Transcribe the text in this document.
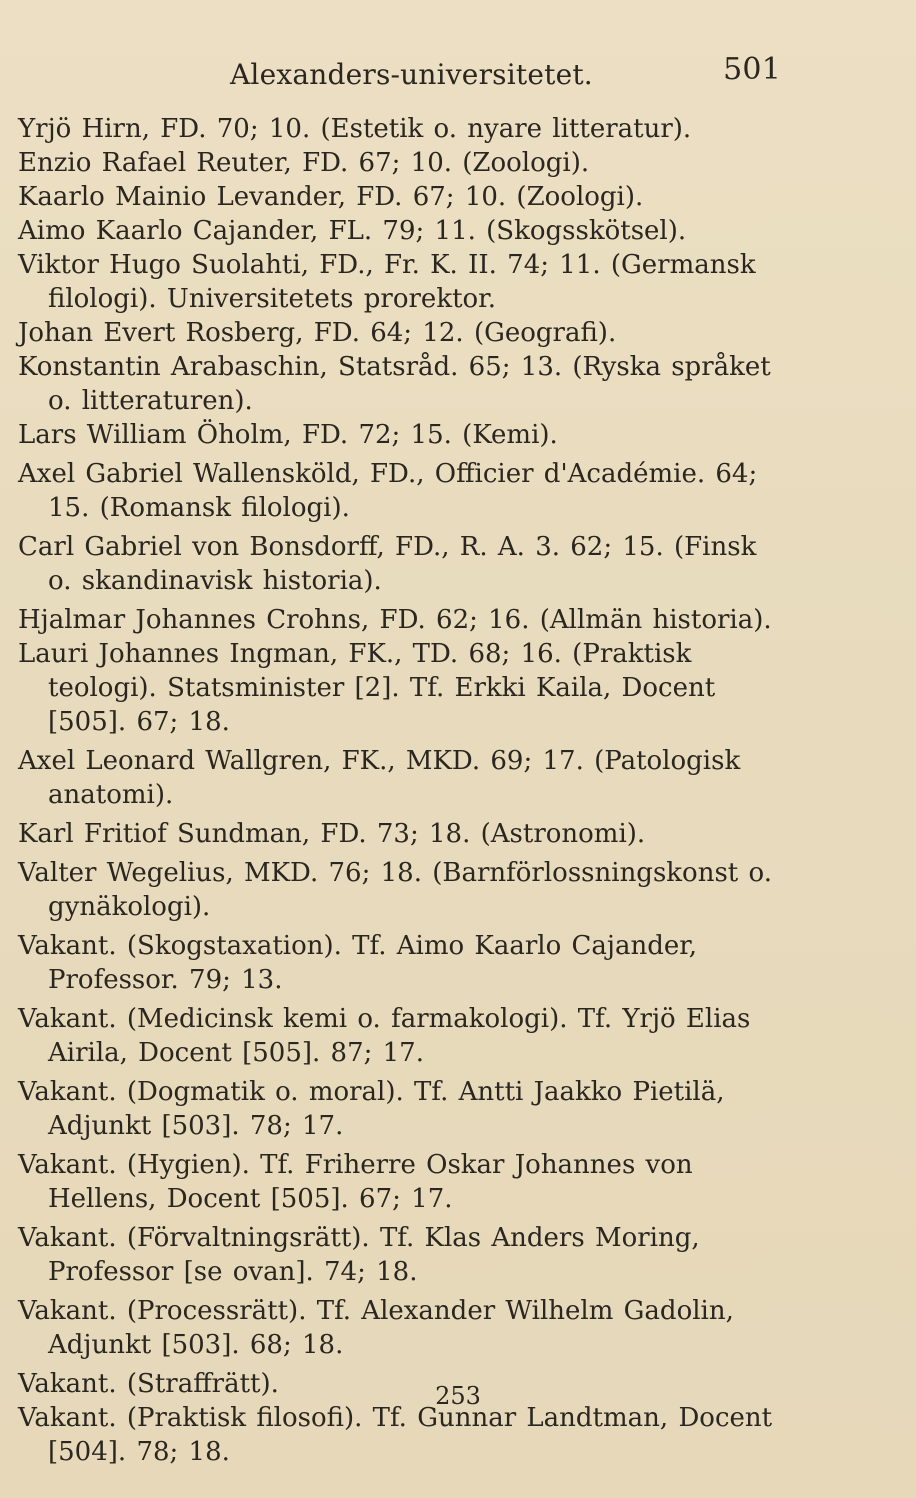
Alexanders-universitetet.	501
Yrjö Hirn, FD. 70; 10. (Estetik o. nyare litteratur).
Enzio Rafael Reuter, FD. 67; 10. (Zoologi).
Kaarlo Mainio Levander, FD. 67; 10. (Zoologi).
Aimo Kaarlo Cajander, FL. 79; 11. (Skogsskötsel).
Viktor Hugo Suolahti, FD., Fr. K. II. 74; 11. (Germansk filologi). Universitetets prorektor.
Johan Evert Rosberg, FD. 64; 12. (Geografi).
Konstantin Arabaschin, Statsråd. 65; 13. (Ryska språket o. litteraturen).
Lars William Öholm, FD. 72; 15. (Kemi).
Axel Gabriel Wallensköld, FD., Officier d'Académie. 64; 15. (Romansk filologi).
Carl Gabriel von Bonsdorff, FD., R. A. 3. 62; 15. (Finsk o. skandinavisk historia).
Hjalmar Johannes Crohns, FD. 62; 16. (Allmän historia).
Lauri Johannes Ingman, FK., TD. 68; 16. (Praktisk teologi). Statsminister [2]. Tf. Erkki Kaila, Docent [505]. 67; 18.
Axel Leonard Wallgren, FK., MKD. 69; 17. (Patologisk anatomi).
Karl Fritiof Sundman, FD. 73; 18. (Astronomi).
Valter Wegelius, MKD. 76; 18. (Barnförlossningskonst o. gynäkologi).
Vakant. (Skogstaxation). Tf. Aimo Kaarlo Cajander, Professor. 79; 13.
Vakant. (Medicinsk kemi o. farmakologi). Tf. Yrjö Elias Airila, Docent [505]. 87; 17.
Vakant. (Dogmatik o. moral). Tf. Antti Jaakko Pietilä, Adjunkt [503]. 78; 17.
Vakant. (Hygien). Tf. Friherre Oskar Johannes von Hellens, Docent [505]. 67; 17.
Vakant. (Förvaltningsrätt). Tf. Klas Anders Moring, Professor [se ovan]. 74; 18.
Vakant. (Processrätt). Tf. Alexander Wilhelm Gadolin, Adjunkt [503]. 68; 18.
Vakant. (Straffrätt).
Vakant. (Praktisk filosofi). Tf. Gunnar Landtman, Docent [504]. 78; 18.
253
